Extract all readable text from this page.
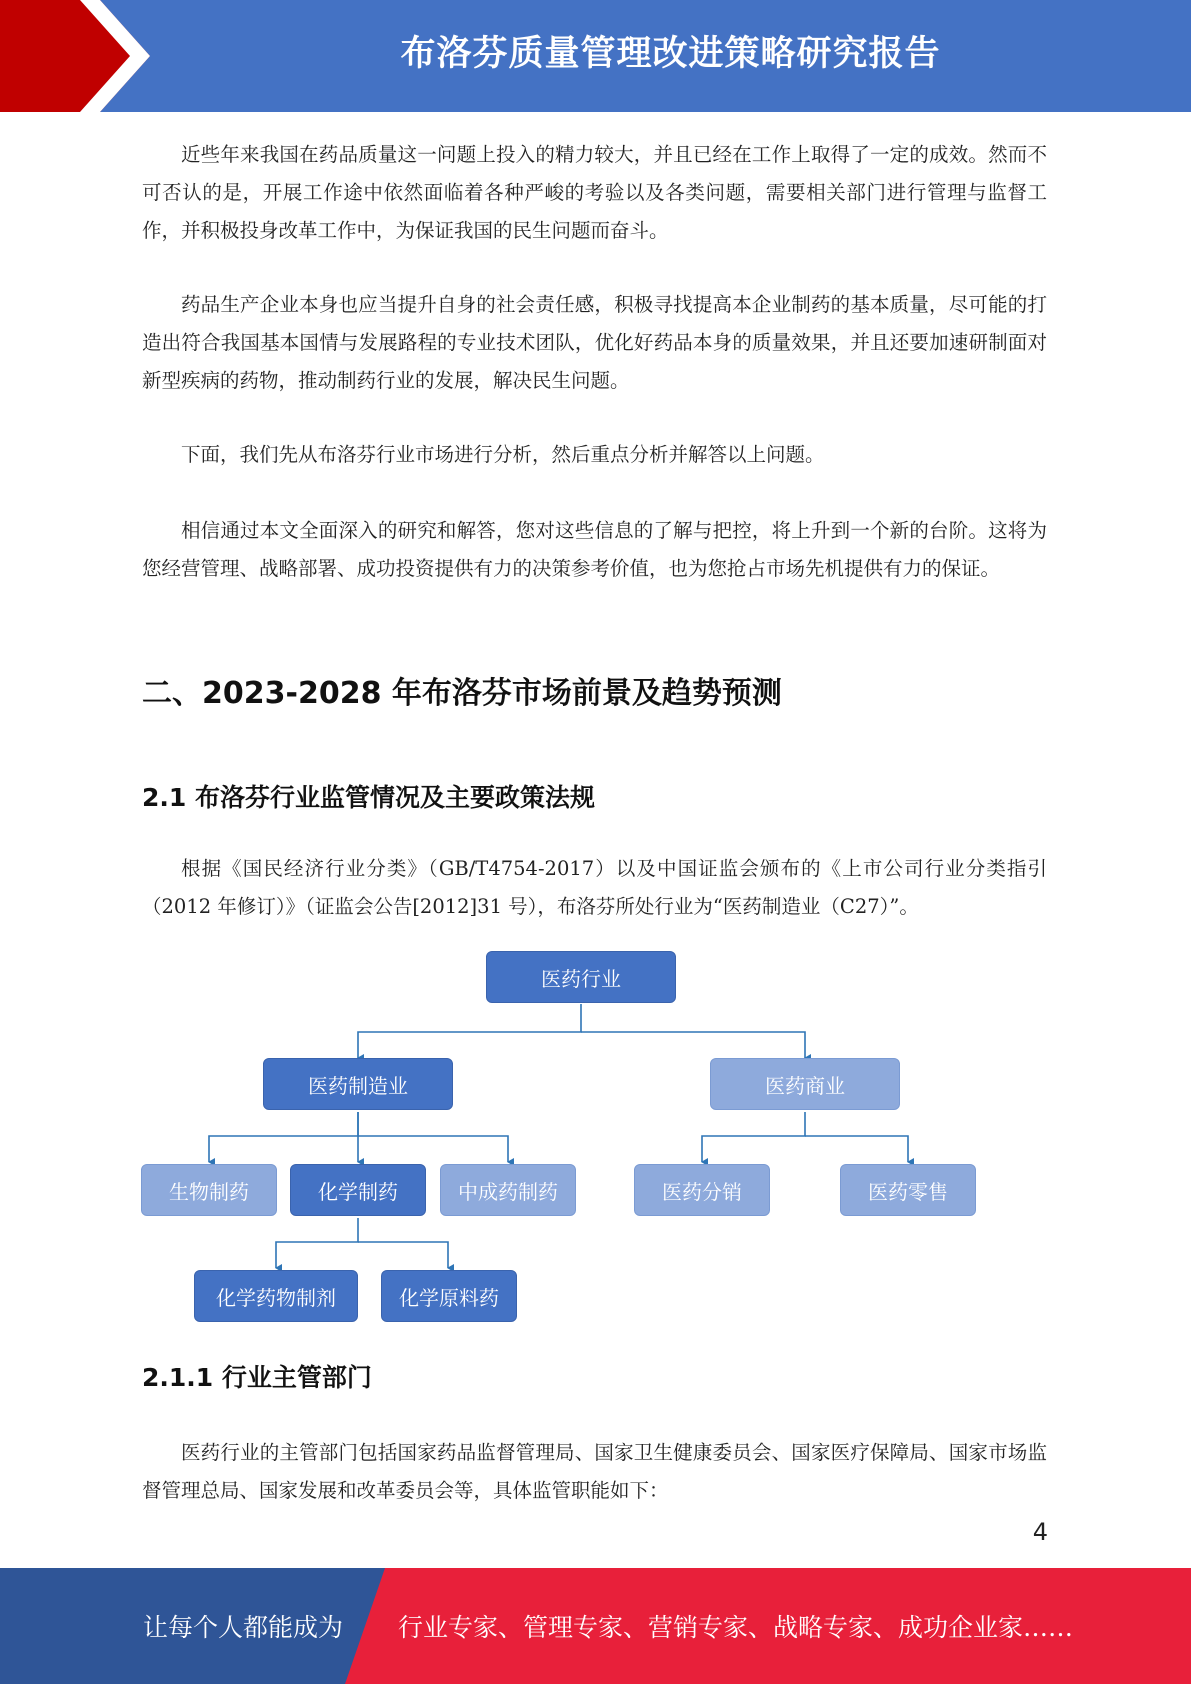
布洛芬质量管理改进策略研究报告

近些年来我国在药品质量这一问题上投入的精力较大，并且已经在工作上取得了一定的成效。然而不可否认的是，开展工作途中依然面临着各种严峻的考验以及各类问题，需要相关部门进行管理与监督工作，并积极投身改革工作中，为保证我国的民生问题而奋斗。

药品生产企业本身也应当提升自身的社会责任感，积极寻找提高本企业制药的基本质量，尽可能的打造出符合我国基本国情与发展路程的专业技术团队，优化好药品本身的质量效果，并且还要加速研制面对新型疾病的药物，推动制药行业的发展，解决民生问题。

下面，我们先从布洛芬行业市场进行分析，然后重点分析并解答以上问题。

相信通过本文全面深入的研究和解答，您对这些信息的了解与把控，将上升到一个新的台阶。这将为您经营管理、战略部署、成功投资提供有力的决策参考价值，也为您抢占市场先机提供有力的保证。

二、2023-2028 年布洛芬市场前景及趋势预测
2.1 布洛芬行业监管情况及主要政策法规

根据《国民经济行业分类》（GB/T4754-2017）以及中国证监会颁布的《上市公司行业分类指引（2012 年修订）》（证监会公告[2012]31 号），布洛芬所处行业为“医药制造业（C27）”。

医药行业
医药制造业	医药商业
生物制药	化学制药	中成药制药	医药分销	医药零售
化学药物制剂	化学原料药
2.1.1 行业主管部门

医药行业的主管部门包括国家药品监督管理局、国家卫生健康委员会、国家医疗保障局、国家市场监督管理总局、国家发展和改革委员会等，具体监管职能如下：

4
让每个人都能成为 行业专家、管理专家、营销专家、战略专家、成功企业家……
